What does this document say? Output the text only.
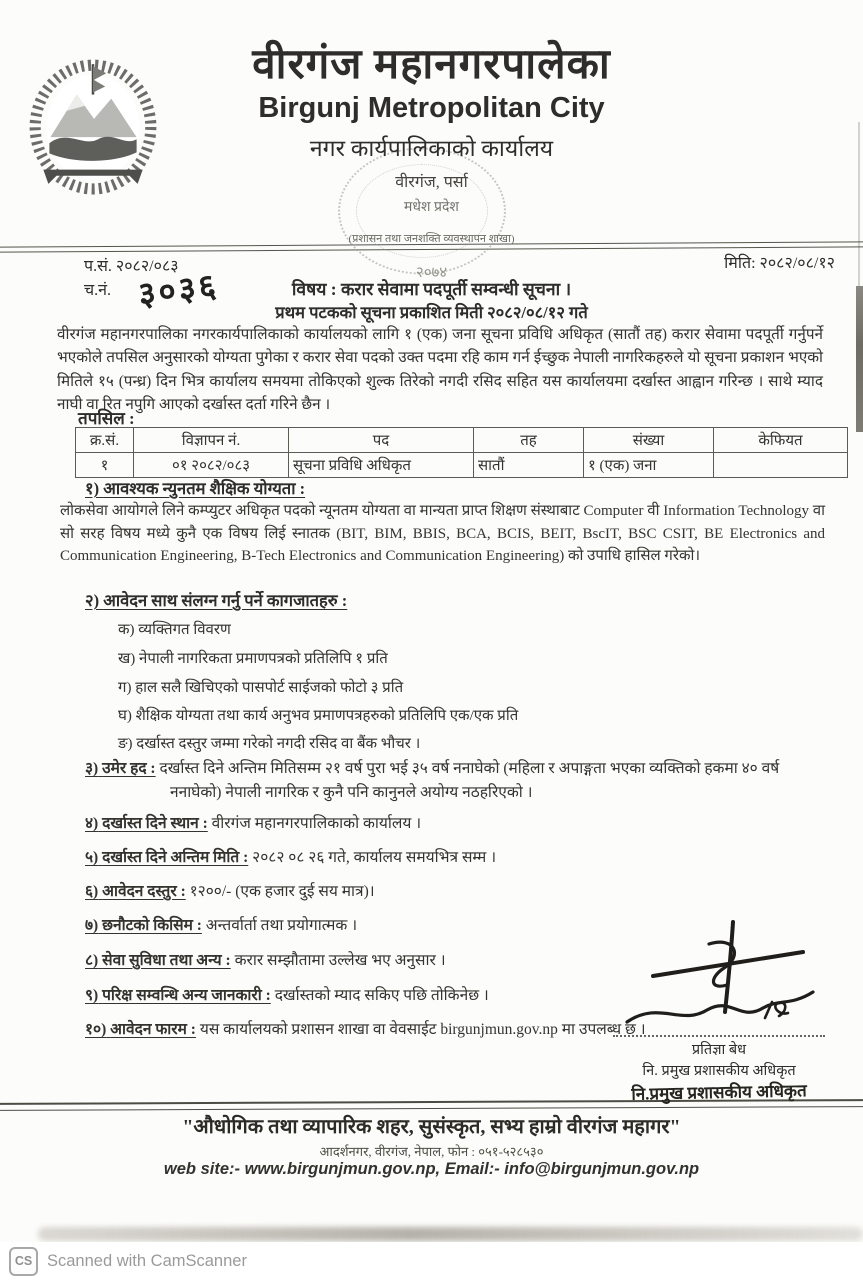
वीरगंज महानगरपालेका
Birgunj Metropolitan City
नगर कार्यपालिकाको कार्यालय
वीरगंज, पर्सा
मधेश प्रदेश
(प्रशासन तथा जनशक्ति व्यवस्थापन शाखा)
प.सं. २०८२/०८३	मिति: २०८२/०८/१२
च.नं. ३०३६	२०७४
विषय : करार सेवामा पदपूर्ती सम्वन्धी सूचना ।
प्रथम पटकको सूचना प्रकाशित मिती २०८२/०८/१२ गते
वीरगंज महानगरपालिका नगरकार्यपालिकाको कार्यालयको लागि १ (एक) जना सूचना प्रविधि अधिकृत (सातौं तह) करार सेवामा पदपूर्ती गर्नुपर्ने भएकोले तपसिल अनुसारको योग्यता पुगेका र करार सेवा पदको उक्त पदमा रहि काम गर्न ईच्छुक नेपाली नागरिकहरुले यो सूचना प्रकाशन भएको मितिले १५ (पन्ध्र) दिन भित्र कार्यालय समयमा तोकिएको शुल्क तिरेको नगदी रसिद सहित यस कार्यालयमा दर्खास्त आह्वान गरिन्छ । साथे म्याद नाघी वा रित नपुगि आएको दर्खास्त दर्ता गरिने छैन ।
तपसिल :
क्र.सं.	विज्ञापन नं.	पद	तह	संख्या	केफियत
१	०१ २०८२/०८३	सूचना प्रविधि अधिकृत	सातौं	१ (एक) जना	
१) आवश्यक न्युनतम शैक्षिक योग्यता :
लोकसेवा आयोगले लिने कम्प्युटर अधिकृत पदको न्यूनतम योग्यता वा मान्यता प्राप्त शिक्षण संस्थाबाट Computer वी Information Technology वा सो सरह विषय मध्ये कुनै एक विषय लिई स्नातक (BIT, BIM, BBIS, BCA, BCIS, BEIT, BscIT, BSC CSIT, BE Electronics and Communication Engineering, B-Tech Electronics and Communication Engineering) को उपाधि हासिल गरेको।
२) आवेदन साथ संलग्न गर्नु पर्ने कागजातहरु :
क) व्यक्तिगत विवरण
ख) नेपाली नागरिकता प्रमाणपत्रको प्रतिलिपि १ प्रति
ग) हाल सलै खिचिएको पासपोर्ट साईजको फोटो ३ प्रति
घ) शैक्षिक योग्यता तथा कार्य अनुभव प्रमाणपत्रहरुको प्रतिलिपि एक/एक प्रति
ङ) दर्खास्त दस्तुर जम्मा गरेको नगदी रसिद वा बैंक भौचर ।
३) उमेर हद : दर्खास्त दिने अन्तिम मितिसम्म २१ वर्ष पुरा भई ३५ वर्ष ननाघेको (महिला र अपाङ्गता भएका व्यक्तिको हकमा ४० वर्ष ननाघेको) नेपाली नागरिक र कुनै पनि कानुनले अयोग्य नठहरिएको ।
४) दर्खास्त दिने स्थान : वीरगंज महानगरपालिकाको कार्यालय ।
५) दर्खास्त दिने अन्तिम मिति : २०८२ ०८ २६ गते, कार्यालय समयभित्र सम्म ।
६) आवेदन दस्तुर : १२००/- (एक हजार दुई सय मात्र)।
७) छनौटको किसिम : अन्तर्वार्ता तथा प्रयोगात्मक ।
८) सेवा सुविधा तथा अन्य : करार सम्झौतामा उल्लेख भए अनुसार ।
९) परिक्ष सम्वन्धि अन्य जानकारी : दर्खास्तको म्याद सकिए पछि तोकिनेछ ।
१०) आवेदन फारम : यस कार्यालयको प्रशासन शाखा वा वेवसाईट birgunjmun.gov.np मा उपलब्ध छ ।
प्रतिज्ञा बेध
नि. प्रमुख प्रशासकीय अधिकृत
नि.प्रमुख प्रशासकीय अधिकृत
"औधोगिक तथा व्यापारिक शहर, सुसंस्कृत, सभ्य हाम्रो वीरगंज महागर"
आदर्शनगर, वीरगंज, नेपाल, फोन : ०५१-५२८५३०
web site:- www.birgunjmun.gov.np, Email:- info@birgunjmun.gov.np
CS Scanned with CamScanner
